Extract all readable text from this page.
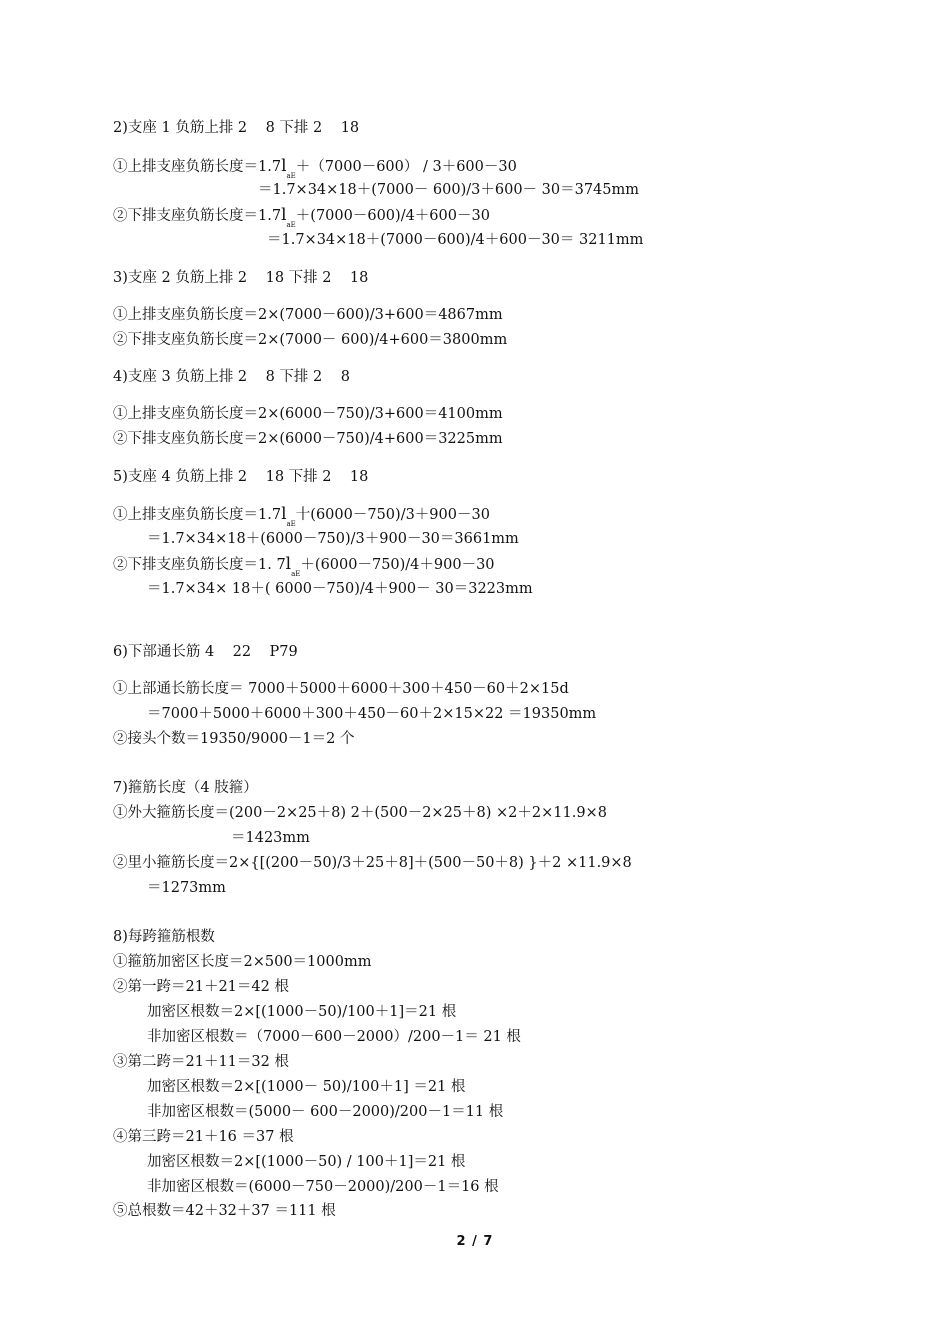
2)支座 1 负筋上排 2    8 下排 2    18
①上排支座负筋长度$=1.7l_{aE}+(7000-600) / 3+600-30$
＝1.7×34×18＋(7000－ 600)/3＋600－ 30＝3745mm
②下排支座负筋长度$=1.7l_{aE}+(7000-600)/4+600-30$
＝1.7×34×18＋(7000－600)/4＋600－30＝ 3211mm
3)支座 2 负筋上排 2    18 下排 2    18
①上排支座负筋长度＝2×(7000－600)/3+600＝4867mm
②下排支座负筋长度＝2×(7000－ 600)/4+600＝3800mm
4)支座 3 负筋上排 2    8 下排 2    8
①上排支座负筋长度＝2×(6000－750)/3+600＝4100mm
②下排支座负筋长度＝2×(6000－750)/4+600＝3225mm
5)支座 4 负筋上排 2    18 下排 2    18
①上排支座负筋长度$=1.7l_{aE}$十(6000－750)/3＋900－30
＝1.7×34×18＋(6000－750)/3＋900－30＝3661mm
②下排支座负筋长度＝1. $7l_{aE}+(6000-750)/4+900-30$
＝1.7×34× 18＋( 6000－750)/4＋900－ 30＝3223mm
6)下部通长筋 4    22    P79
①上部通长筋长度＝ 7000＋5000＋6000＋300＋450－60＋2×15d
＝7000＋5000＋6000＋300＋450－60＋2×15×22 ＝19350mm
②接头个数＝19350/9000－1＝2 个
7)箍筋长度（4 肢箍）
①外大箍筋长度＝(200－2×25＋8) 2＋(500－2×25＋8) ×2＋2×11.9×8
＝1423mm
②里小箍筋长度＝2×{[(200－50)/3＋25＋8]＋(500－50＋8) }＋2 ×11.9×8
＝1273mm
8)每跨箍筋根数
①箍筋加密区长度＝2×500＝1000mm
②第一跨＝21＋21＝42 根
加密区根数＝2×[(1000－50)/100＋1]＝21 根
非加密区根数＝（7000－600－2000）/200－1＝ 21 根
③第二跨＝21＋11＝32 根
加密区根数＝2×[(1000－ 50)/100＋1] ＝21 根
非加密区根数＝(5000－ 600－2000)/200－1＝11 根
④第三跨＝21＋16 ＝37 根
加密区根数＝2×[(1000－50) / 100＋1]＝21 根
非加密区根数＝(6000－750－2000)/200－1＝16 根
⑤总根数＝42＋32＋37 ＝111 根
2 / 7
